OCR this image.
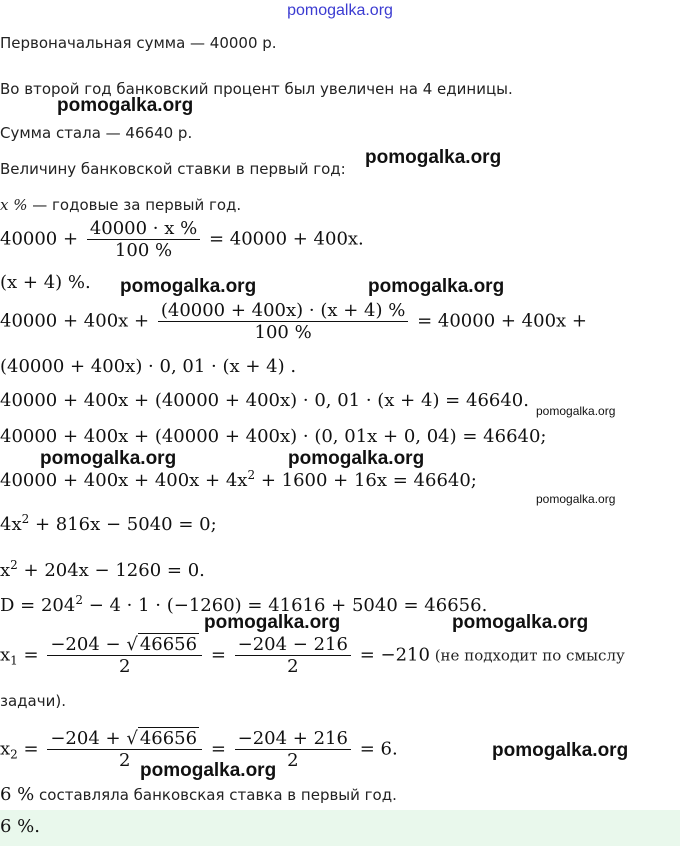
pomogalka.org
Первоначальная сумма — 40000 р.
Во второй год банковский процент был увеличен на 4 единицы.
Сумма стала — 46640 р.
Величину банковской ставки в первый год:
x % — годовые за первый год.
$40000 + \frac{40000 \cdot x \%}{100 \%} = 40000 + 400x$.
(x + 4) %.
$40000 + 400x + \frac{(40000 + 400x) \cdot (x + 4) \%}{100 \%} = 40000 + 400x$ +
(40000 + 400x) · 0, 01 · (x + 4) .
40000 + 400x + (40000 + 400x) · 0, 01 · (x + 4) = 46640.
40000 + 400x + (40000 + 400x) · (0, 01x + 0, 04) = 46640;
$40000 + 400x + 400x + 4x^2 + 1600 + 16x = 46640$;
$4x^2 + 816x - 5040 = 0$;
$x^2 + 204x - 1260 = 0$.
$D = 204^2 - 4 \cdot 1 \cdot (-1260) = 41616 + 5040 = 46656$.
$x_1 = \frac{-204 - √ 46656}{2} = \frac{-204 - 216}{2} = -210$ (не подходит по смыслу
задачи).
$x_2 = \frac{-204 + √ 46656}{2} = \frac{-204 + 216}{2} = 6$.
6 % составляла банковская ставка в первый год.
6 %.
pomogalka.org
pomogalka.org
pomogalka.org	pomogalka.org
pomogalka.org
pomogalka.org	pomogalka.org
pomogalka.org
pomogalka.org	pomogalka.org
pomogalka.org
pomogalka.org
